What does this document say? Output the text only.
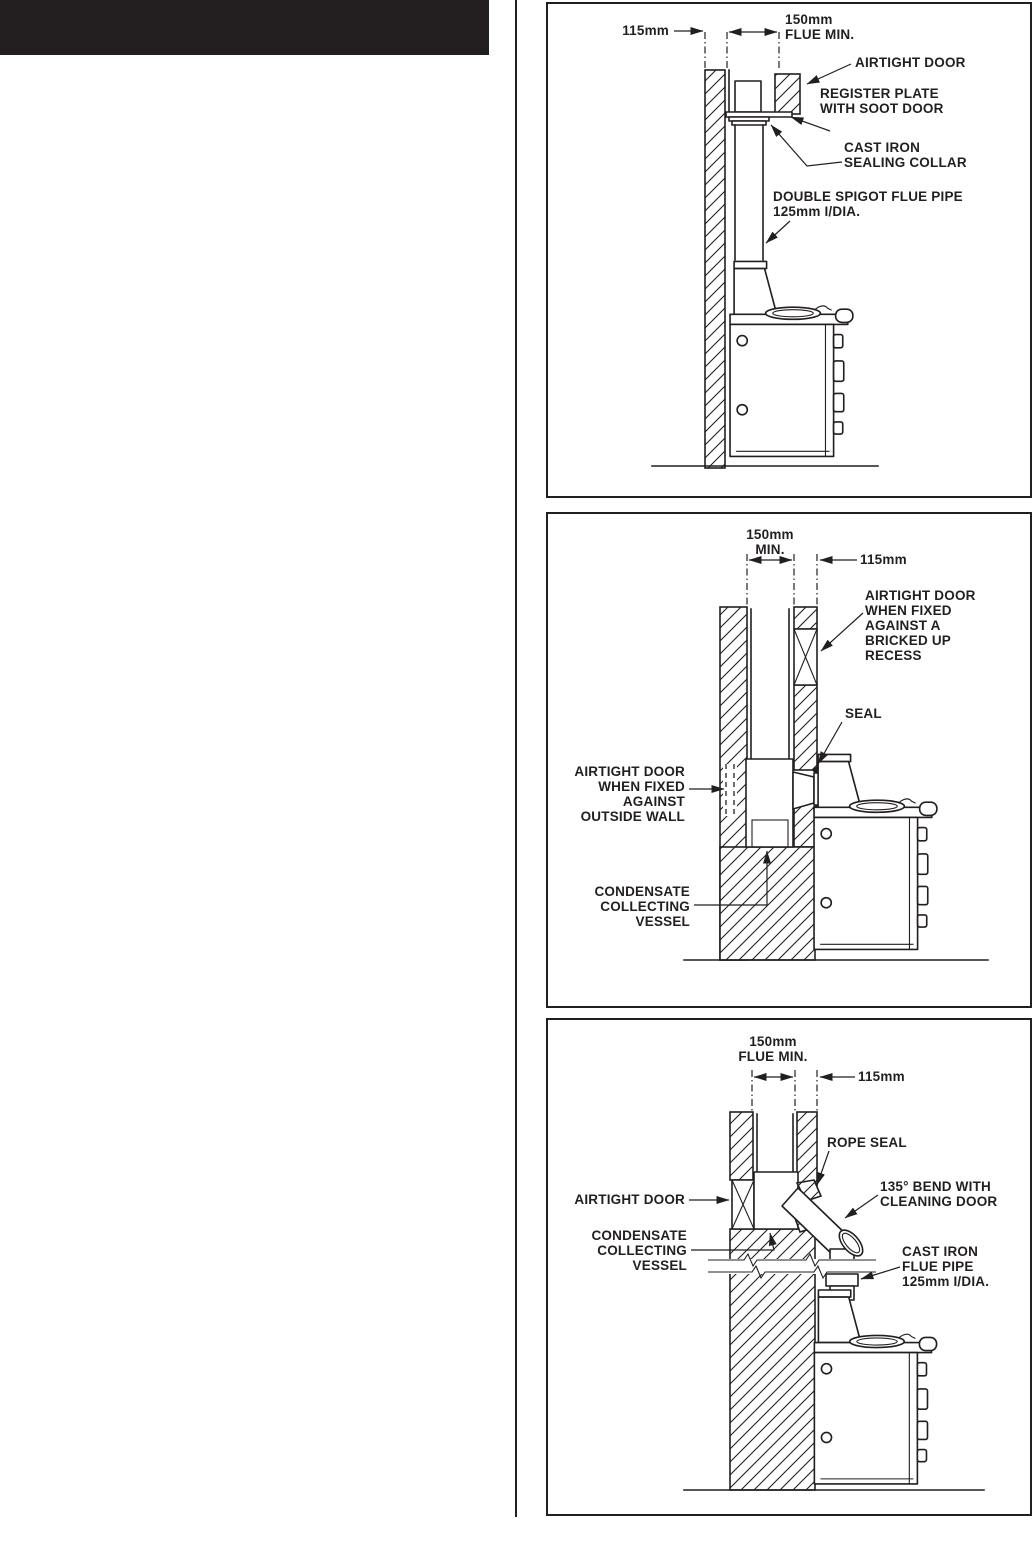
115mm
150mm
FLUE MIN.
AIRTIGHT DOOR
REGISTER PLATE
WITH SOOT DOOR
CAST IRON
SEALING COLLAR
DOUBLE SPIGOT FLUE PIPE
125mm I/DIA.
150mm
MIN.
115mm
AIRTIGHT DOOR
WHEN FIXED
AGAINST A
BRICKED UP
RECESS
SEAL
AIRTIGHT DOOR
WHEN FIXED
AGAINST
OUTSIDE WALL
CONDENSATE
COLLECTING
VESSEL
150mm
FLUE MIN.
115mm
ROPE SEAL
135° BEND WITH
CLEANING DOOR
AIRTIGHT DOOR
CONDENSATE
COLLECTING
VESSEL
CAST IRON
FLUE PIPE
125mm I/DIA.
